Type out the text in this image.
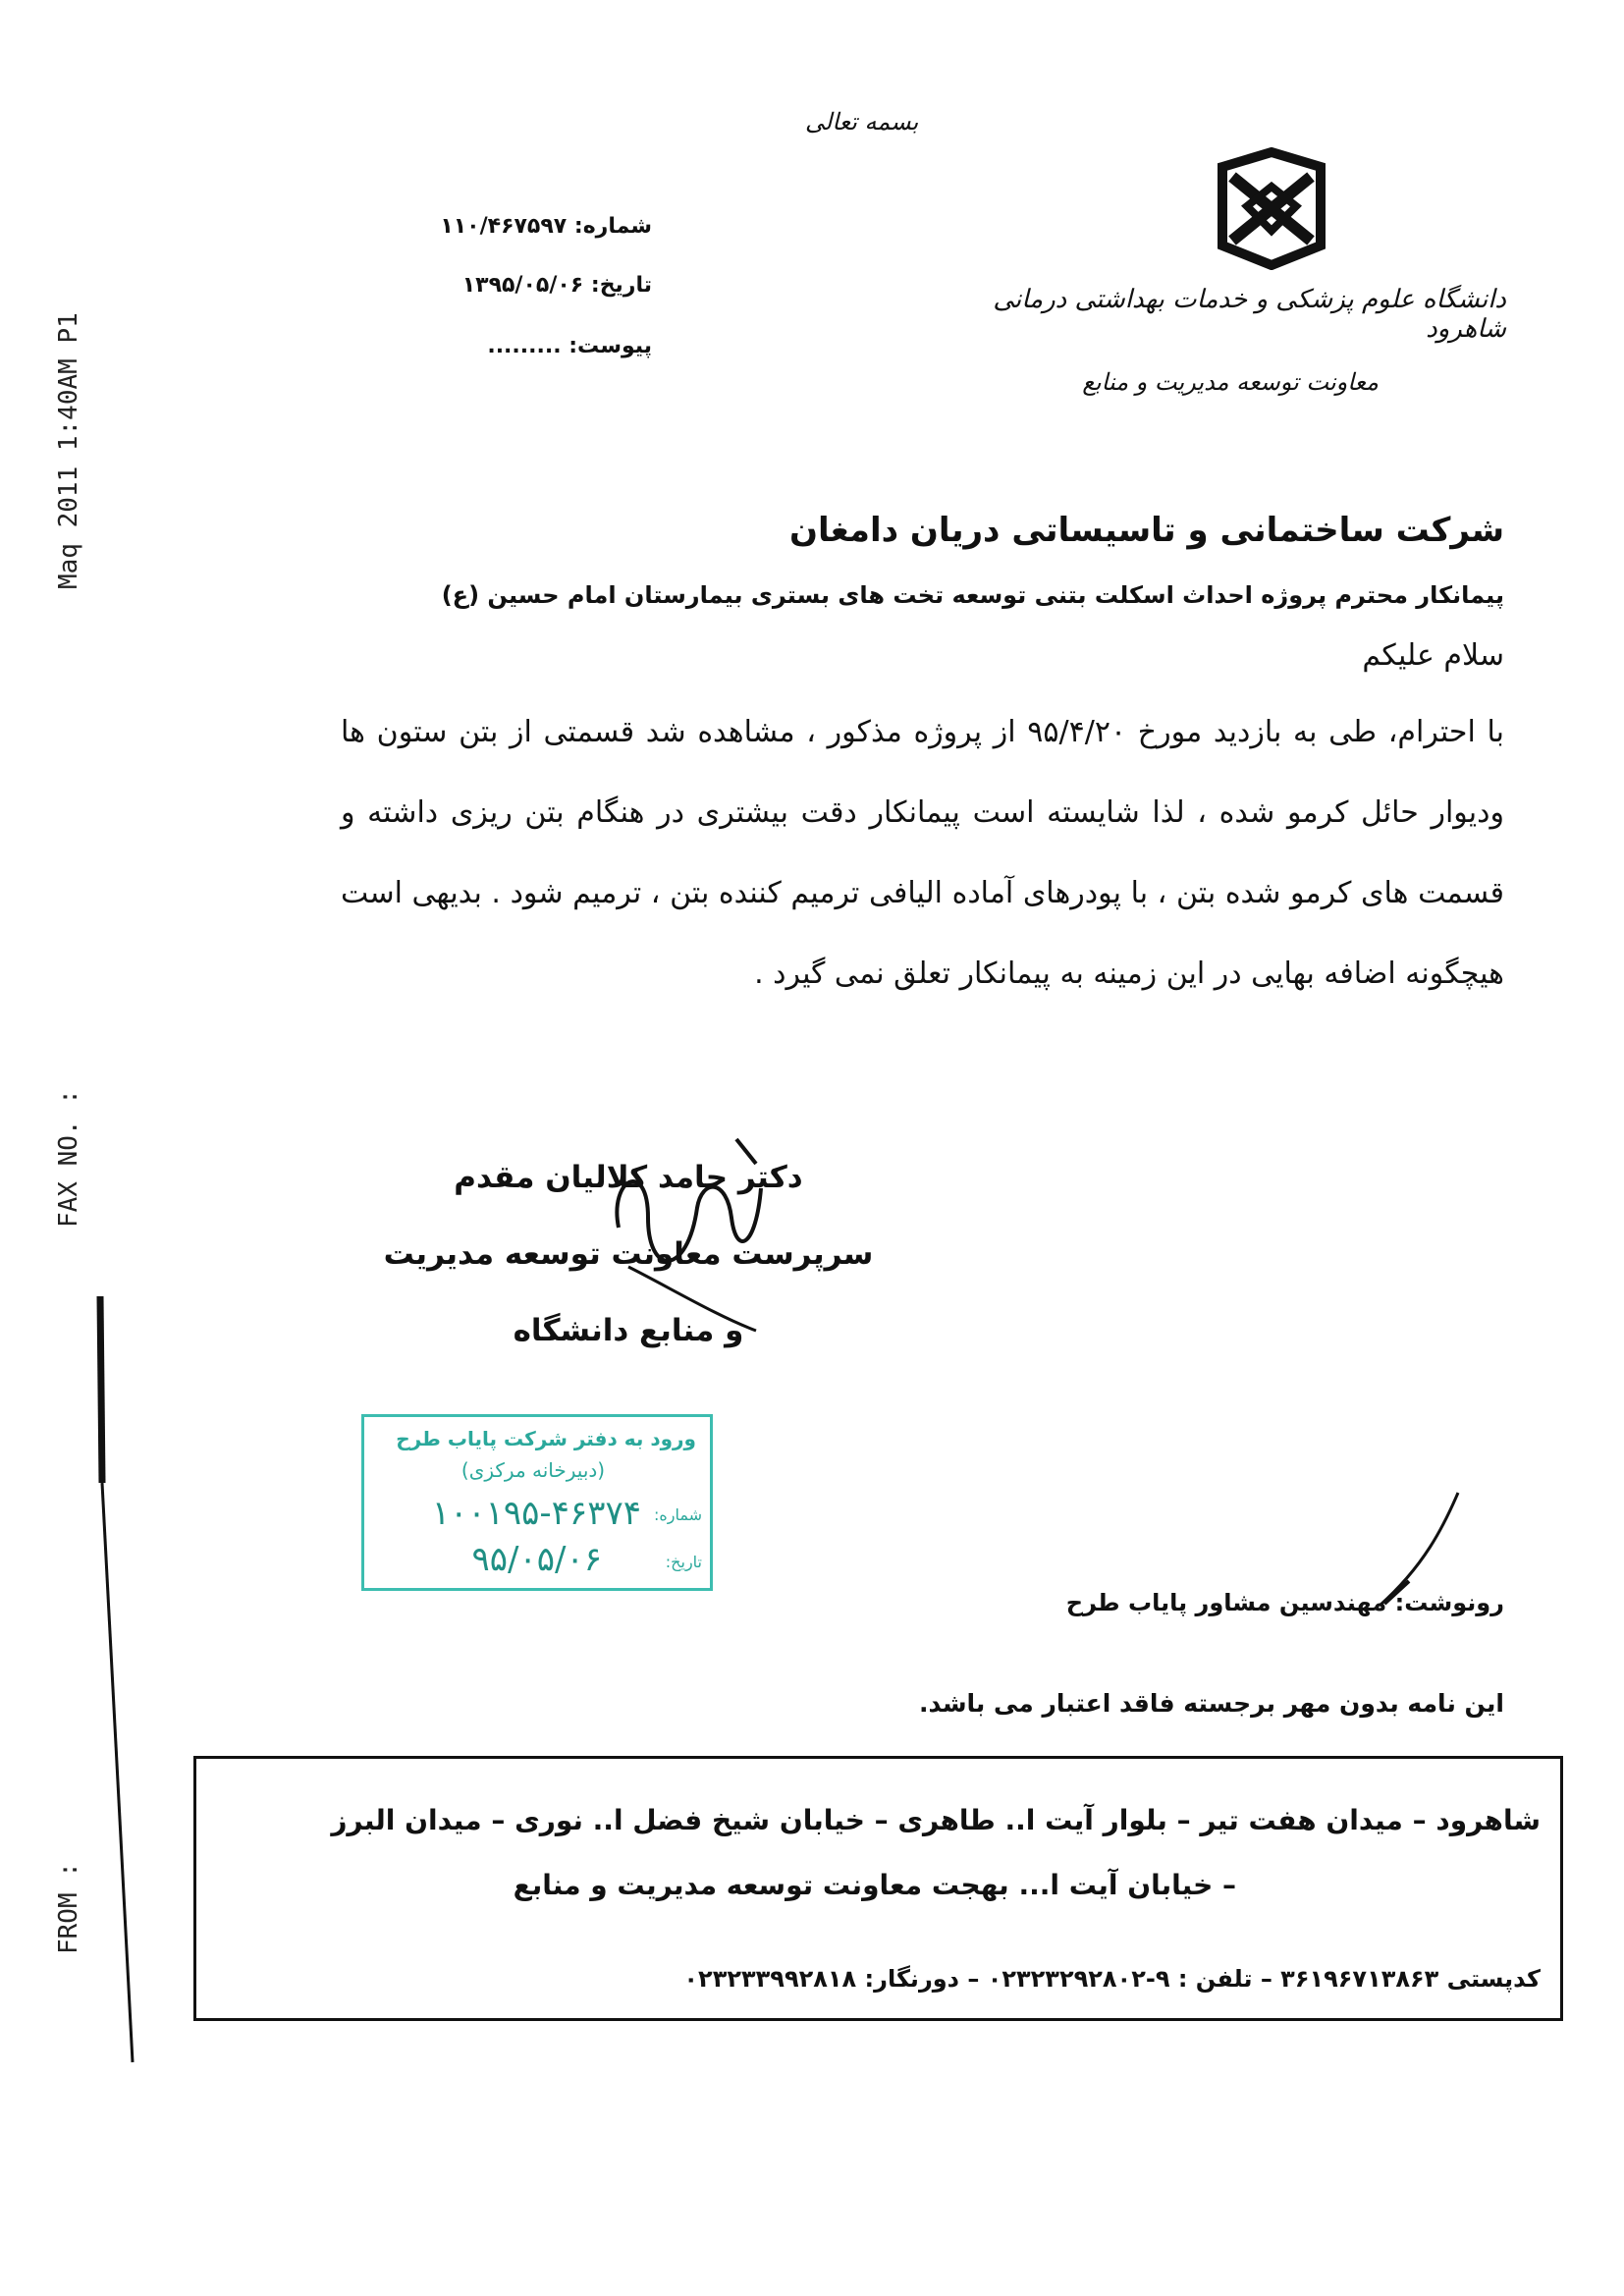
Maq 2011 1:40AM P1
FAX NO. :
FROM :
بسمه تعالی
دانشگاه علوم پزشکی و خدمات بهداشتی درمانی شاهرود
معاونت توسعه مدیریت و منابع
شماره: ۱۱۰/۴۶۷۵۹۷
تاریخ: ۱۳۹۵/۰۵/۰۶
پیوست: .........
شرکت ساختمانی و تاسیساتی دریان دامغان
پیمانکار محترم پروژه احداث اسکلت بتنی توسعه تخت های بستری بیمارستان امام حسین (ع)
سلام علیکم
با احترام، طی به بازدید مورخ ۹۵/۴/۲۰ از پروژه مذکور ، مشاهده شد قسمتی از بتن ستون ها ودیوار حائل کرمو شده ، لذا شایسته است پیمانکار دقت بیشتری در هنگام بتن ریزی داشته و قسمت های کرمو شده بتن ، با پودرهای آماده الیافی ترمیم کننده بتن ، ترمیم شود . بدیهی است هیچگونه اضافه بهایی در این زمینه به پیمانکار تعلق نمی گیرد .
دکتر حامد کلالیان مقدم
سرپرست معاونت توسعه مدیریت
و منابع دانشگاه
ورود به دفتر شرکت پایاب طرح
(دبیرخانه مرکزی)
شماره:
۱۰۰۱۹۵-۴۶۳۷۴
تاریخ:
۹۵/۰۵/۰۶
رونوشت: مهندسین مشاور پایاب طرح
این نامه بدون مهر برجسته فاقد اعتبار می باشد.
شاهرود – میدان هفت تیر – بلوار آیت ا.. طاهری – خیابان شیخ فضل ا.. نوری – میدان البرز
– خیابان آیت ا... بهجت معاونت توسعه مدیریت و منابع
کدپستی ۳۶۱۹۶۷۱۳۸۶۳ – تلفن : ۹-۰۲۳۲۳۲۹۲۸۰۲ – دورنگار: ۰۲۳۲۳۳۹۹۲۸۱۸
